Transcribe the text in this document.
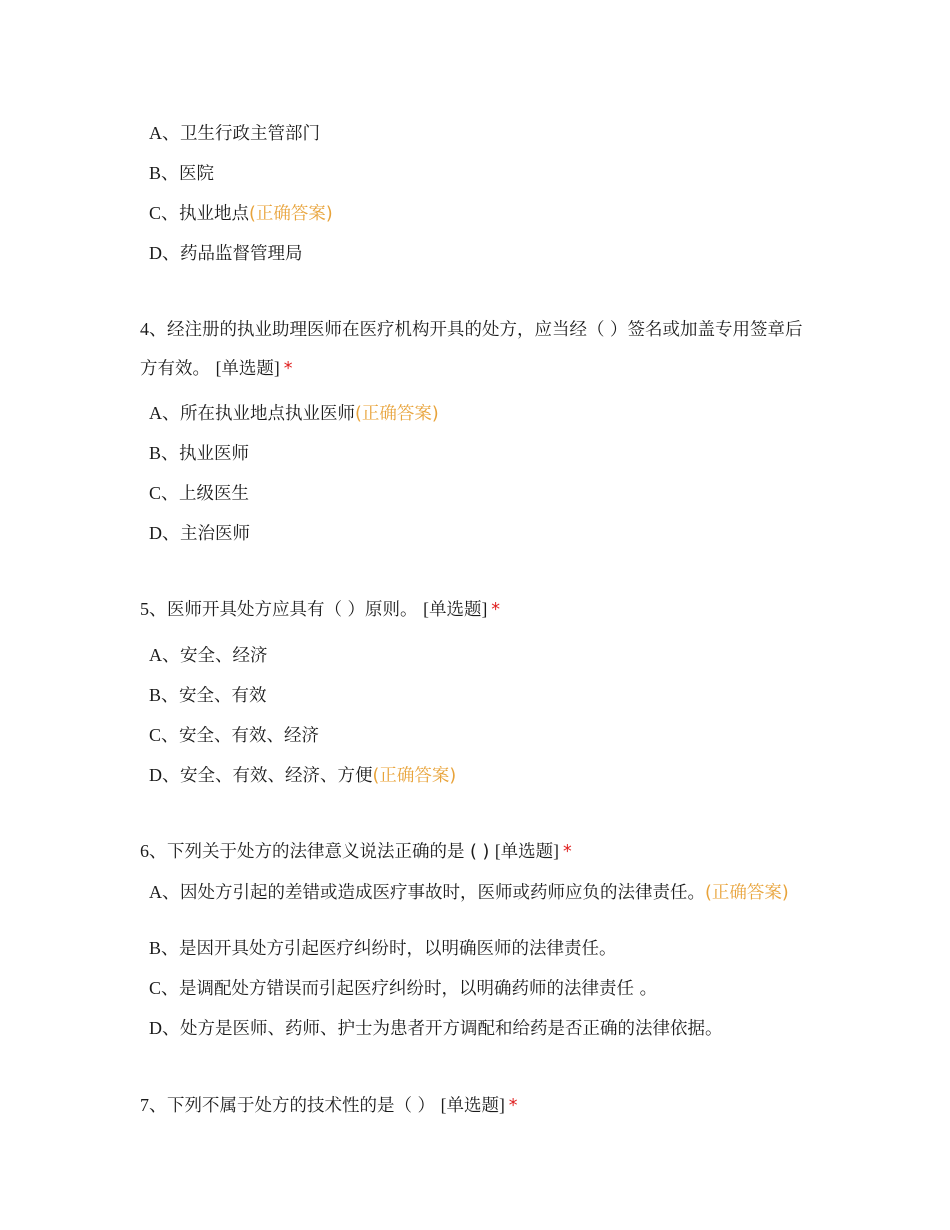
A、卫生行政主管部门
B、医院
C、执业地点(正确答案)
D、药品监督管理局

4、经注册的执业助理医师在医疗机构开具的处方，应当经（ ）签名或加盖专用签章后方有效。 [单选题] *

A、所在执业地点执业医师(正确答案)
B、执业医师
C、上级医生
D、主治医师

5、医师开具处方应具有（ ）原则。 [单选题] *

A、安全、经济
B、安全、有效
C、安全、有效、经济
D、安全、有效、经济、方便(正确答案)

6、下列关于处方的法律意义说法正确的是 ( ) [单选题] *

A、因处方引起的差错或造成医疗事故时，医师或药师应负的法律责任。(正确答案)
B、是因开具处方引起医疗纠纷时，以明确医师的法律责任。
C、是调配处方错误而引起医疗纠纷时，以明确药师的法律责任 。
D、处方是医师、药师、护士为患者开方调配和给药是否正确的法律依据。

7、下列不属于处方的技术性的是（ ） [单选题] *
